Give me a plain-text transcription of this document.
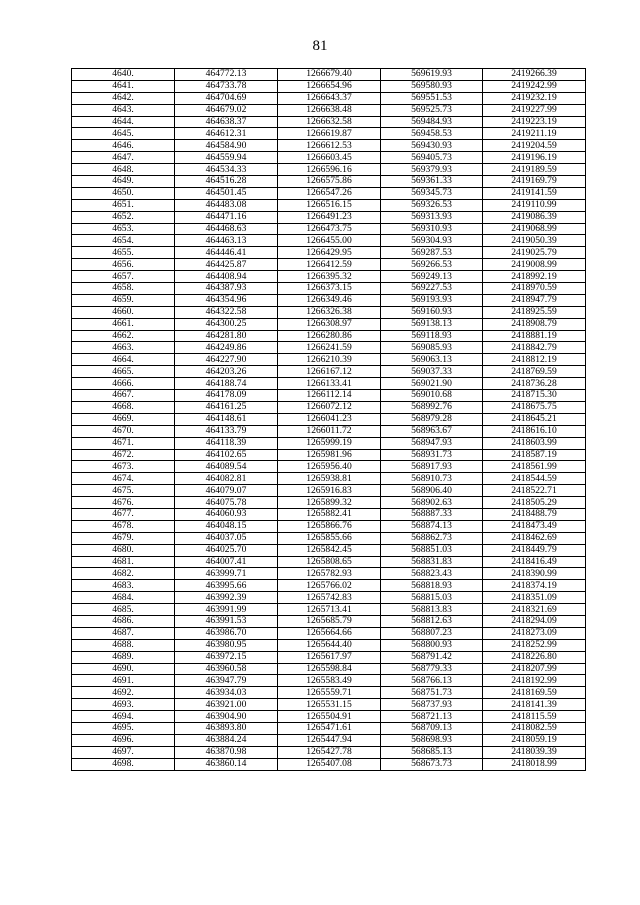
81
4640.	464772.13	1266679.40	569619.93	2419266.39
4641.	464733.78	1266654.96	569580.93	2419242.99
4642.	464704.69	1266643.37	569551.53	2419232.19
4643.	464679.02	1266638.48	569525.73	2419227.99
4644.	464638.37	1266632.58	569484.93	2419223.19
4645.	464612.31	1266619.87	569458.53	2419211.19
4646.	464584.90	1266612.53	569430.93	2419204.59
4647.	464559.94	1266603.45	569405.73	2419196.19
4648.	464534.33	1266596.16	569379.93	2419189.59
4649.	464516.28	1266575.86	569361.33	2419169.79
4650.	464501.45	1266547.26	569345.73	2419141.59
4651.	464483.08	1266516.15	569326.53	2419110.99
4652.	464471.16	1266491.23	569313.93	2419086.39
4653.	464468.63	1266473.75	569310.93	2419068.99
4654.	464463.13	1266455.00	569304.93	2419050.39
4655.	464446.41	1266429.95	569287.53	2419025.79
4656.	464425.87	1266412.59	569266.53	2419008.99
4657.	464408.94	1266395.32	569249.13	2418992.19
4658.	464387.93	1266373.15	569227.53	2418970.59
4659.	464354.96	1266349.46	569193.93	2418947.79
4660.	464322.58	1266326.38	569160.93	2418925.59
4661.	464300.25	1266308.97	569138.13	2418908.79
4662.	464281.80	1266280.86	569118.93	2418881.19
4663.	464249.86	1266241.59	569085.93	2418842.79
4664.	464227.90	1266210.39	569063.13	2418812.19
4665.	464203.26	1266167.12	569037.33	2418769.59
4666.	464188.74	1266133.41	569021.90	2418736.28
4667.	464178.09	1266112.14	569010.68	2418715.30
4668.	464161.25	1266072.12	568992.76	2418675.75
4669.	464148.61	1266041.23	568979.28	2418645.21
4670.	464133.79	1266011.72	568963.67	2418616.10
4671.	464118.39	1265999.19	568947.93	2418603.99
4672.	464102.65	1265981.96	568931.73	2418587.19
4673.	464089.54	1265956.40	568917.93	2418561.99
4674.	464082.81	1265938.81	568910.73	2418544.59
4675.	464079.07	1265916.83	568906.40	2418522.71
4676.	464075.78	1265899.32	568902.63	2418505.29
4677.	464060.93	1265882.41	568887.33	2418488.79
4678.	464048.15	1265866.76	568874.13	2418473.49
4679.	464037.05	1265855.66	568862.73	2418462.69
4680.	464025.70	1265842.45	568851.03	2418449.79
4681.	464007.41	1265808.65	568831.83	2418416.49
4682.	463999.71	1265782.93	568823.43	2418390.99
4683.	463995.66	1265766.02	568818.93	2418374.19
4684.	463992.39	1265742.83	568815.03	2418351.09
4685.	463991.99	1265713.41	568813.83	2418321.69
4686.	463991.53	1265685.79	568812.63	2418294.09
4687.	463986.70	1265664.66	568807.23	2418273.09
4688.	463980.95	1265644.40	568800.93	2418252.99
4689.	463972.15	1265617.97	568791.42	2418226.80
4690.	463960.58	1265598.84	568779.33	2418207.99
4691.	463947.79	1265583.49	568766.13	2418192.99
4692.	463934.03	1265559.71	568751.73	2418169.59
4693.	463921.00	1265531.15	568737.93	2418141.39
4694.	463904.90	1265504.91	568721.13	2418115.59
4695.	463893.80	1265471.61	568709.13	2418082.59
4696.	463884.24	1265447.94	568698.93	2418059.19
4697.	463870.98	1265427.78	568685.13	2418039.39
4698.	463860.14	1265407.08	568673.73	2418018.99
